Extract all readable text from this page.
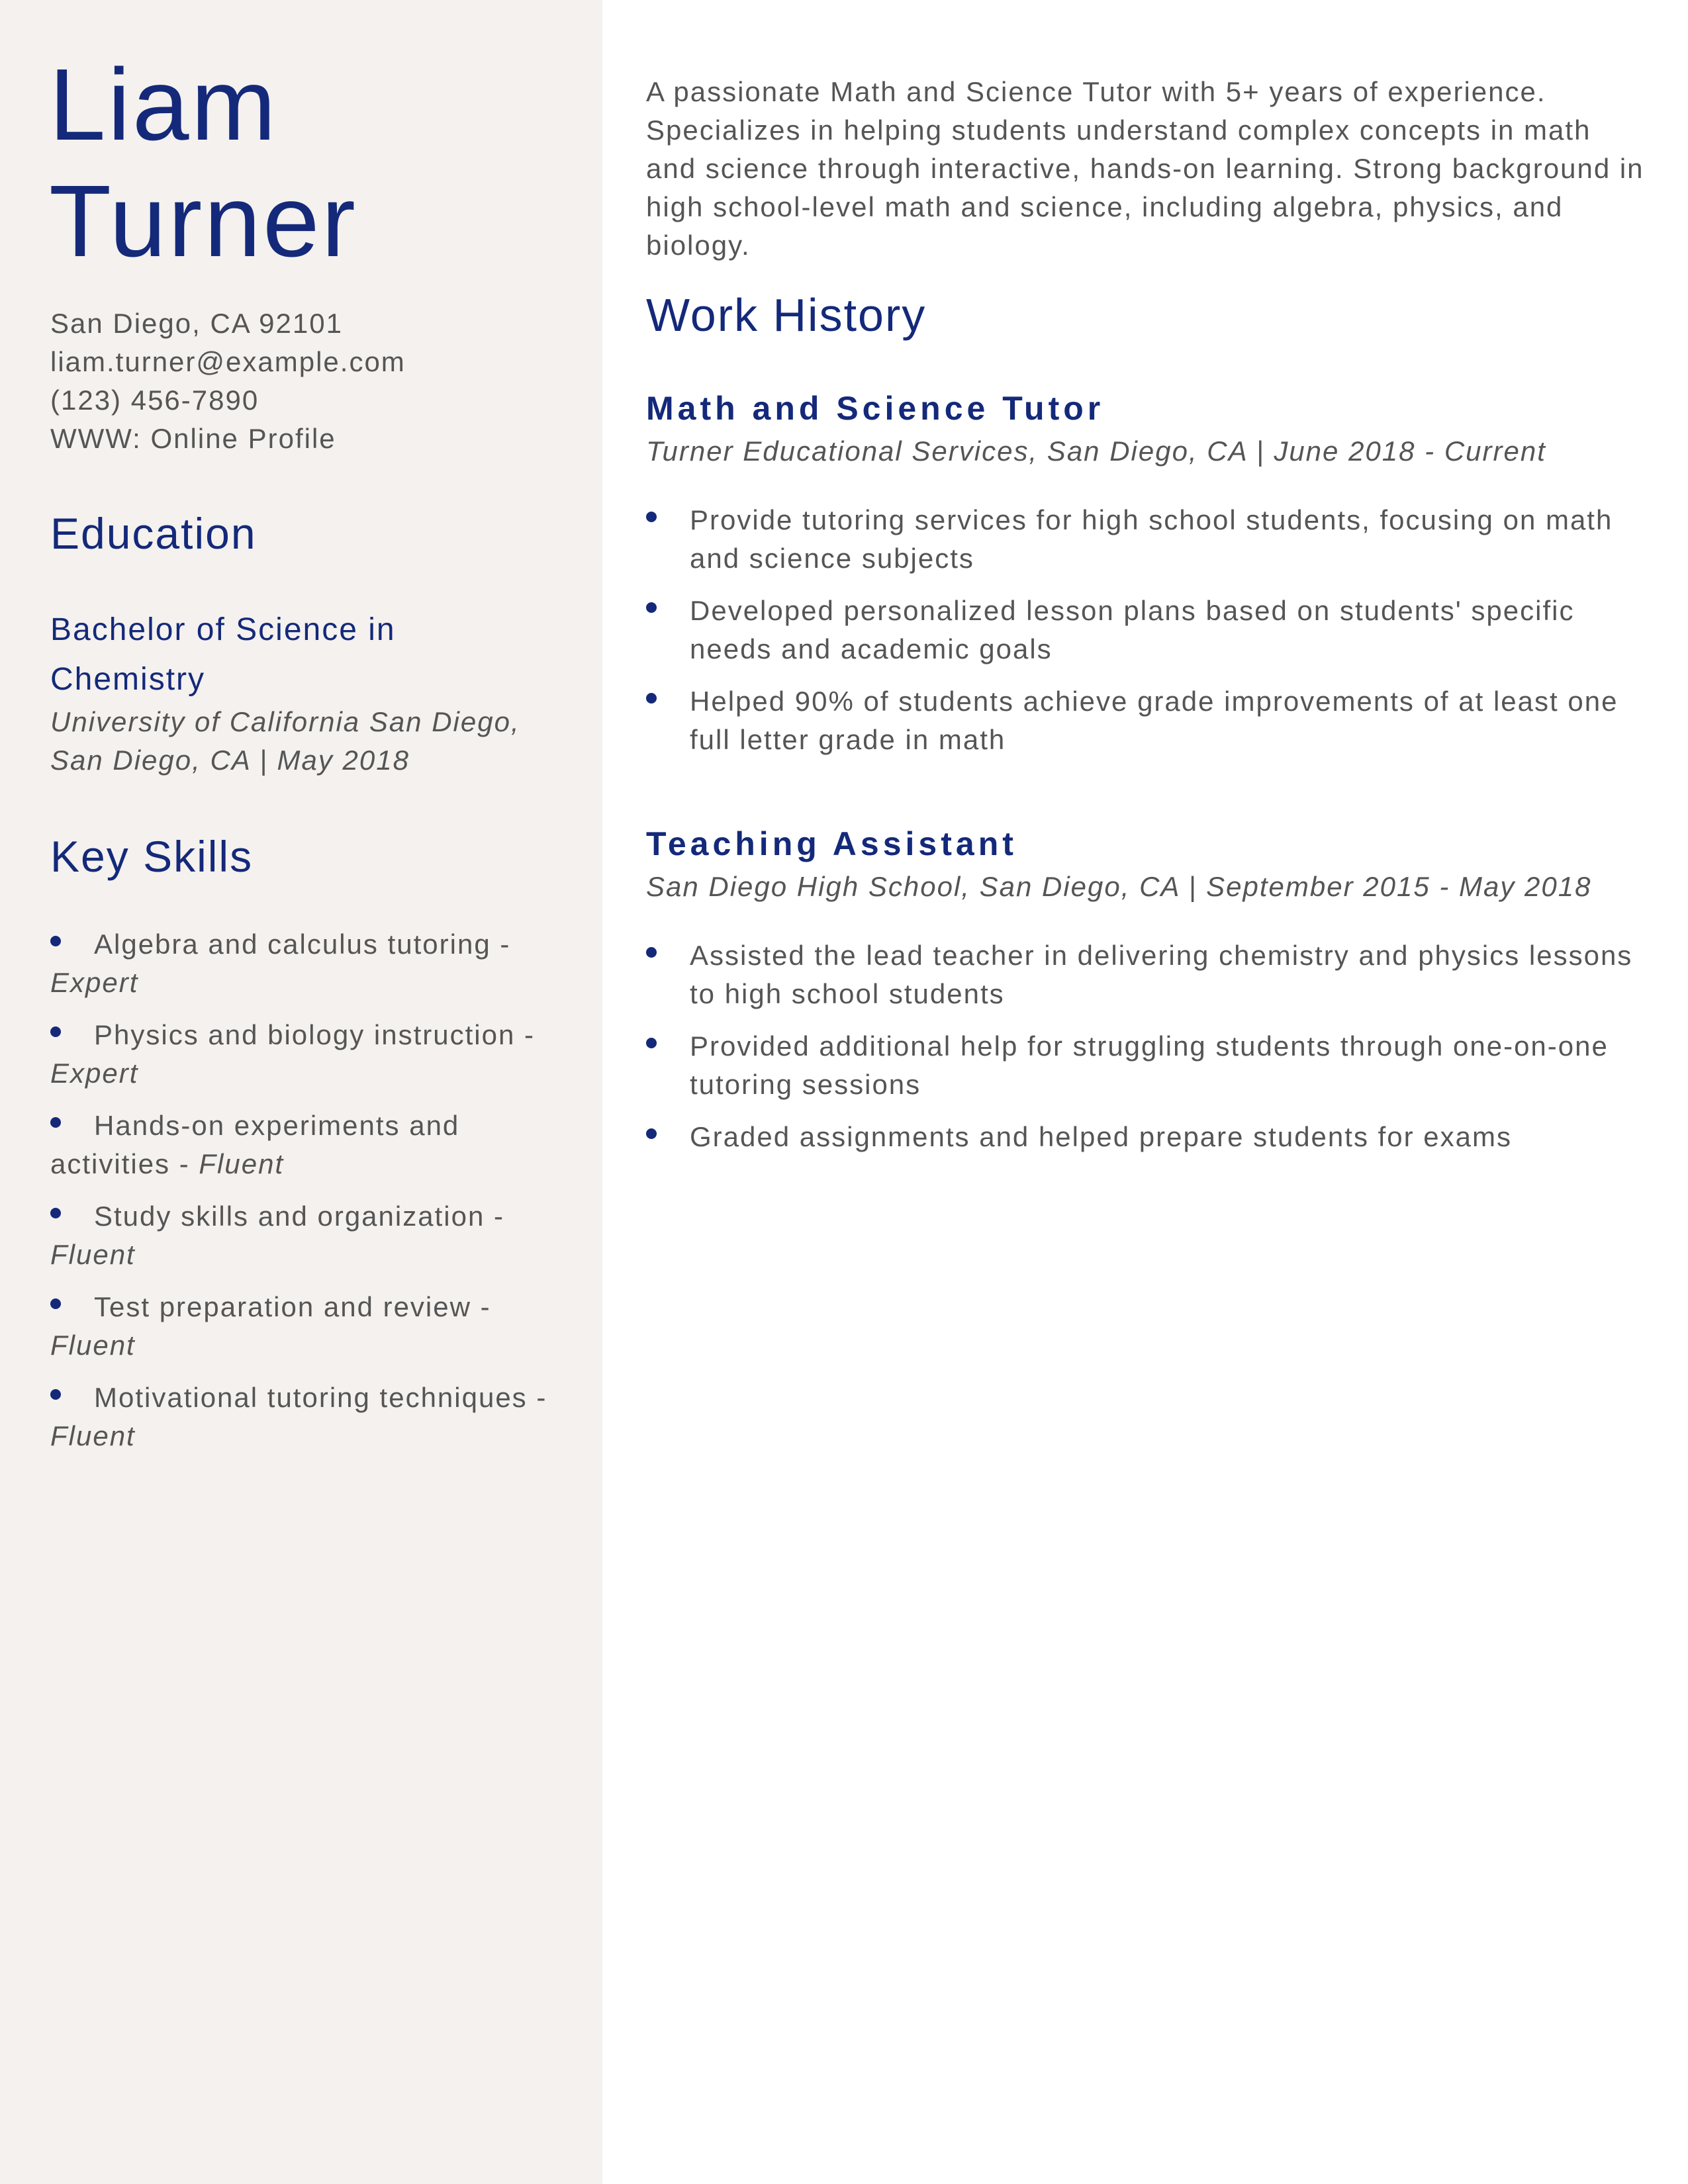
Liam
Turner
San Diego, CA 92101
liam.turner@example.com
(123) 456-7890
WWW: Online Profile
Education
Bachelor of Science in
Chemistry
University of California San Diego,
San Diego, CA | May 2018
Key Skills
Algebra and calculus tutoring - Expert
Physics and biology instruction - Expert
Hands-on experiments and activities - Fluent
Study skills and organization - Fluent
Test preparation and review - Fluent
Motivational tutoring techniques - Fluent

A passionate Math and Science Tutor with 5+ years of experience. Specializes in helping students understand complex concepts in math and science through interactive, hands-on learning. Strong background in high school-level math and science, including algebra, physics, and biology.

Work History
Math and Science Tutor
Turner Educational Services, San Diego, CA | June 2018 - Current
Provide tutoring services for high school students, focusing on math and science subjects
Developed personalized lesson plans based on students' specific needs and academic goals
Helped 90% of students achieve grade improvements of at least one full letter grade in math
Teaching Assistant
San Diego High School, San Diego, CA | September 2015 - May 2018
Assisted the lead teacher in delivering chemistry and physics lessons to high school students
Provided additional help for struggling students through one-on-one tutoring sessions
Graded assignments and helped prepare students for exams
